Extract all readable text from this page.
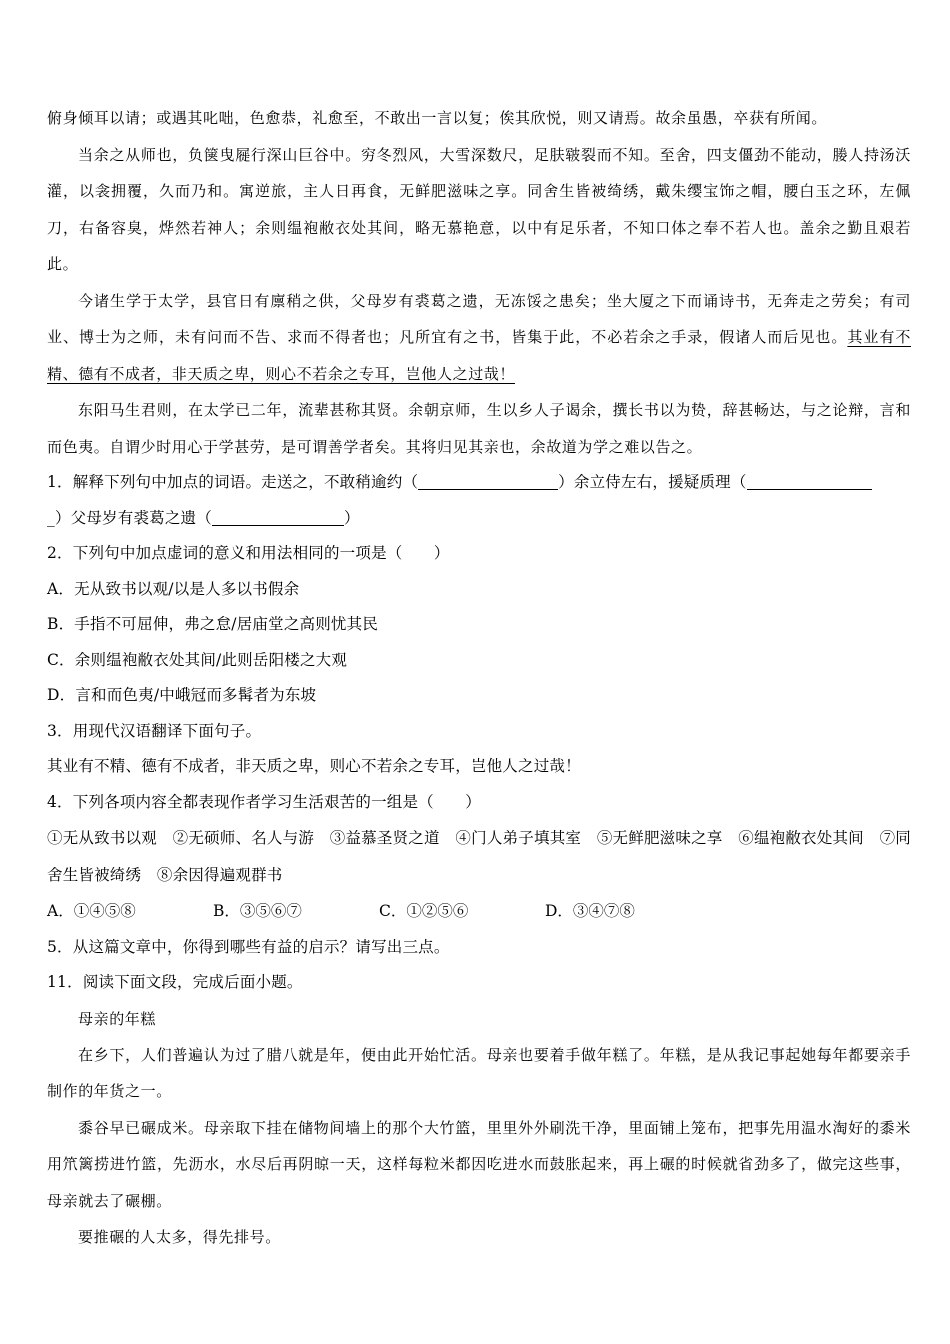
俯身倾耳以请；或遇其叱咄，色愈恭，礼愈至，不敢出一言以复；俟其欣悦，则又请焉。故余虽愚，卒获有所闻。

当余之从师也，负箧曳屣行深山巨谷中。穷冬烈风，大雪深数尺，足肤皲裂而不知。至舍，四支僵劲不能动，媵人持汤沃灌，以衾拥覆，久而乃和。寓逆旅，主人日再食，无鲜肥滋味之享。同舍生皆被绮绣，戴朱缨宝饰之帽，腰白玉之环，左佩刀，右备容臭，烨然若神人；余则缊袍敝衣处其间，略无慕艳意，以中有足乐者，不知口体之奉不若人也。盖余之勤且艰若此。

今诸生学于太学，县官日有廪稍之供，父母岁有裘葛之遗，无冻馁之患矣；坐大厦之下而诵诗书，无奔走之劳矣；有司业、博士为之师，未有问而不告、求而不得者也；凡所宜有之书，皆集于此，不必若余之手录，假诸人而后见也。其业有不精、德有不成者，非天质之卑，则心不若余之专耳，岂他人之过哉！

东阳马生君则，在太学已二年，流辈甚称其贤。余朝京师，生以乡人子谒余，撰长书以为贽，辞甚畅达，与之论辩，言和而色夷。自谓少时用心于学甚劳，是可谓善学者矣。其将归见其亲也，余故道为学之难以告之。

1．解释下列句中加点的词语。走送之，不敢稍逾约（	）余立侍左右，援疑质理（

_）父母岁有裘葛之遗（	）

2．下列句中加点虚词的意义和用法相同的一项是（　　）

A．无从致书以观/以是人多以书假余

B．手指不可屈伸，弗之怠/居庙堂之高则忧其民

C．余则缊袍敝衣处其间/此则岳阳楼之大观

D．言和而色夷/中峨冠而多髯者为东坡

3．用现代汉语翻译下面句子。

其业有不精、德有不成者，非天质之卑，则心不若余之专耳，岂他人之过哉！

4．下列各项内容全都表现作者学习生活艰苦的一组是（　　）

①无从致书以观　②无硕师、名人与游　③益慕圣贤之道　④门人弟子填其室　⑤无鲜肥滋味之享　⑥缊袍敝衣处其间　⑦同舍生皆被绮绣　⑧余因得遍观群书

A．①④⑤⑧	B．③⑤⑥⑦	C．①②⑤⑥	D．③④⑦⑧

5．从这篇文章中，你得到哪些有益的启示？请写出三点。

11．阅读下面文段，完成后面小题。

母亲的年糕

在乡下，人们普遍认为过了腊八就是年，便由此开始忙活。母亲也要着手做年糕了。年糕，是从我记事起她每年都要亲手制作的年货之一。

黍谷早已碾成米。母亲取下挂在储物间墙上的那个大竹篮，里里外外刷洗干净，里面铺上笼布，把事先用温水淘好的黍米用笊篱捞进竹篮，先沥水，水尽后再阴晾一天，这样每粒米都因吃进水而鼓胀起来，再上碾的时候就省劲多了，做完这些事，母亲就去了碾棚。

要推碾的人太多，得先排号。
